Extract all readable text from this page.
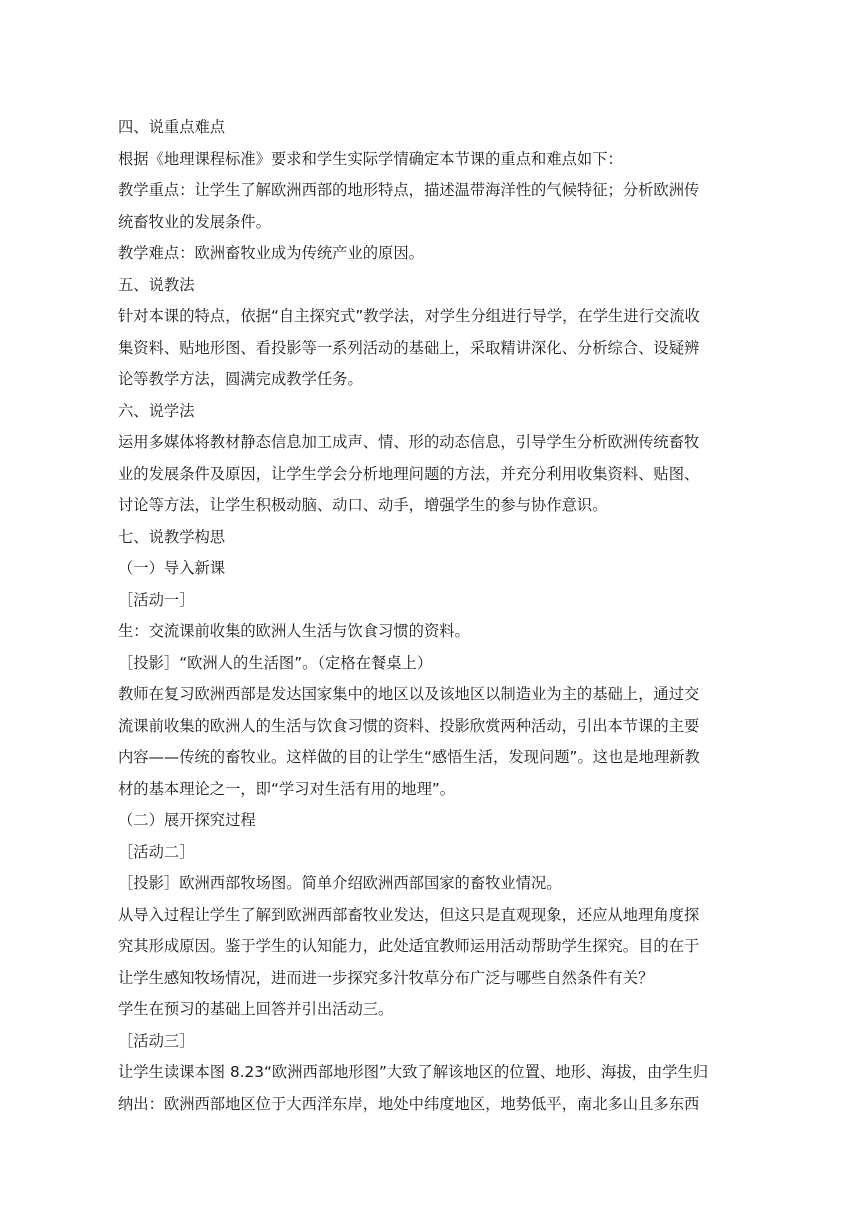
四、说重点难点

根据《地理课程标准》要求和学生实际学情确定本节课的重点和难点如下：

教学重点：让学生了解欧洲西部的地形特点，描述温带海洋性的气候特征；分析欧洲传

统畜牧业的发展条件。

教学难点：欧洲畜牧业成为传统产业的原因。

五、说教法

针对本课的特点，依据“自主探究式”教学法，对学生分组进行导学，在学生进行交流收

集资料、贴地形图、看投影等一系列活动的基础上，采取精讲深化、分析综合、设疑辨

论等教学方法，圆满完成教学任务。

六、说学法

运用多媒体将教材静态信息加工成声、情、形的动态信息，引导学生分析欧洲传统畜牧

业的发展条件及原因，让学生学会分析地理问题的方法，并充分利用收集资料、贴图、

讨论等方法，让学生积极动脑、动口、动手，增强学生的参与协作意识。

七、说教学构思

（一）导入新课

［活动一］

生：交流课前收集的欧洲人生活与饮食习惯的资料。

［投影］“欧洲人的生活图”。（定格在餐桌上）

教师在复习欧洲西部是发达国家集中的地区以及该地区以制造业为主的基础上，通过交

流课前收集的欧洲人的生活与饮食习惯的资料、投影欣赏两种活动，引出本节课的主要

内容——传统的畜牧业。这样做的目的让学生“感悟生活，发现问题”。这也是地理新教

材的基本理论之一，即“学习对生活有用的地理”。

（二）展开探究过程

［活动二］

［投影］欧洲西部牧场图。简单介绍欧洲西部国家的畜牧业情况。

从导入过程让学生了解到欧洲西部畜牧业发达，但这只是直观现象，还应从地理角度探

究其形成原因。鉴于学生的认知能力，此处适宜教师运用活动帮助学生探究。目的在于

让学生感知牧场情况，进而进一步探究多汁牧草分布广泛与哪些自然条件有关？

学生在预习的基础上回答并引出活动三。

［活动三］

让学生读课本图 8.23“欧洲西部地形图”大致了解该地区的位置、地形、海拔，由学生归

纳出：欧洲西部地区位于大西洋东岸，地处中纬度地区，地势低平，南北多山且多东西
